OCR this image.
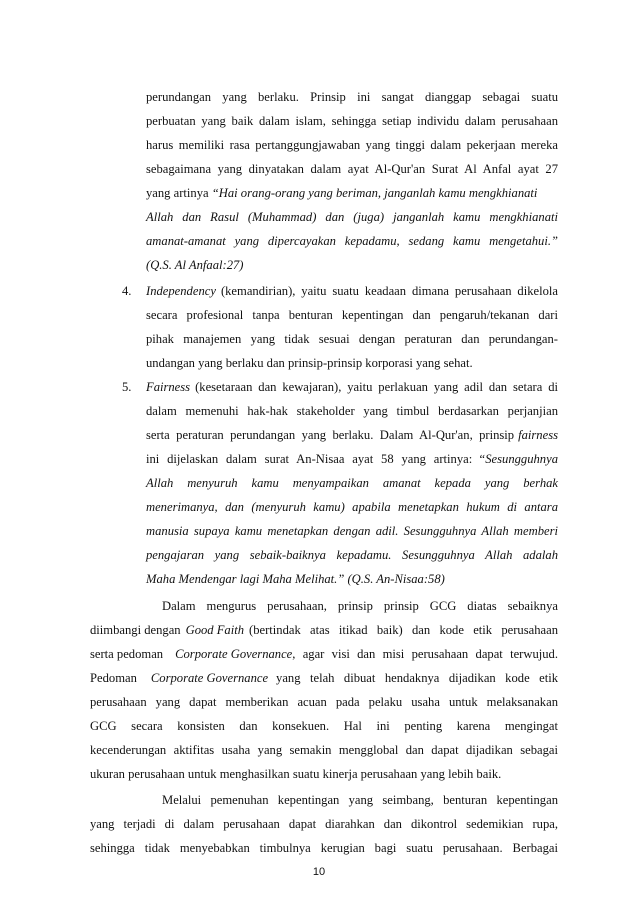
perundangan yang berlaku. Prinsip ini sangat dianggap sebagai suatu
perbuatan yang baik dalam islam, sehingga setiap individu dalam perusahaan
harus memiliki rasa pertanggungjawaban yang tinggi dalam pekerjaan mereka
sebagaimana yang dinyatakan dalam ayat Al-Qur'an Surat Al Anfal ayat 27
yang artinya “Hai orang-orang yang beriman, janganlah kamu mengkhianati
Allah dan Rasul (Muhammad) dan (juga) janganlah kamu mengkhianati
amanat-amanat yang dipercayakan kepadamu, sedang kamu mengetahui.”
(Q.S. Al Anfaal:27)
4. Independency (kemandirian), yaitu suatu keadaan dimana perusahaan dikelola
secara profesional tanpa benturan kepentingan dan pengaruh/tekanan dari
pihak manajemen yang tidak sesuai dengan peraturan dan perundangan-
undangan yang berlaku dan prinsip-prinsip korporasi yang sehat.
5. Fairness (kesetaraan dan kewajaran), yaitu perlakuan yang adil dan setara di
dalam memenuhi hak-hak stakeholder yang timbul berdasarkan perjanjian
serta peraturan perundangan yang berlaku. Dalam Al-Qur'an, prinsip fairness
ini dijelaskan dalam surat An-Nisaa ayat 58 yang artinya: “Sesungguhnya
Allah menyuruh kamu menyampaikan amanat kepada yang berhak
menerimanya, dan (menyuruh kamu) apabila menetapkan hukum di antara
manusia supaya kamu menetapkan dengan adil. Sesungguhnya Allah memberi
pengajaran yang sebaik-baiknya kepadamu. Sesungguhnya Allah adalah
Maha Mendengar lagi Maha Melihat.” (Q.S. An-Nisaa:58)
Dalam mengurus perusahaan, prinsip prinsip GCG diatas sebaiknya
diimbangi dengan Good Faith (bertindak atas itikad baik) dan kode etik perusahaan
serta pedoman Corporate Governance , agar visi dan misi perusahaan dapat terwujud.
Pedoman Corporate Governance yang telah dibuat hendaknya dijadikan kode etik
perusahaan yang dapat memberikan acuan pada pelaku usaha untuk melaksanakan
GCG secara konsisten dan konsekuen. Hal ini penting karena mengingat
kecenderungan aktifitas usaha yang semakin mengglobal dan dapat dijadikan sebagai
ukuran perusahaan untuk menghasilkan suatu kinerja perusahaan yang lebih baik.
Melalui pemenuhan kepentingan yang seimbang, benturan kepentingan
yang terjadi di dalam perusahaan dapat diarahkan dan dikontrol sedemikian rupa,
sehingga tidak menyebabkan timbulnya kerugian bagi suatu perusahaan. Berbagai
10
